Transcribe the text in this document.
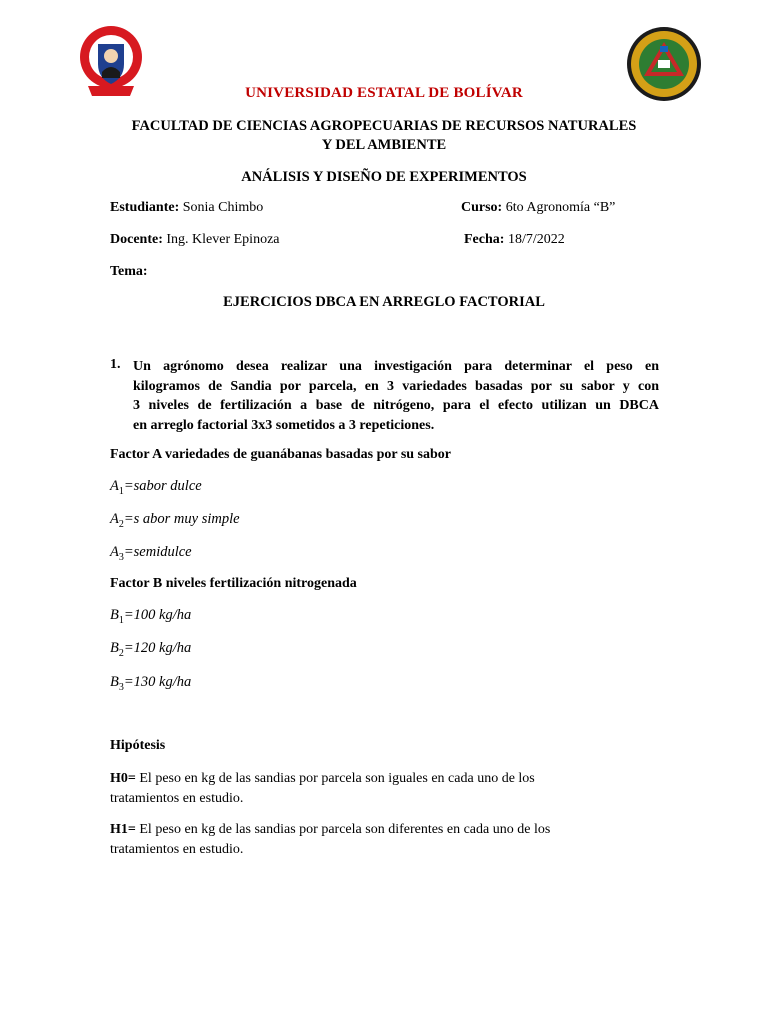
UNIVERSIDAD ESTATAL DE BOLÍVAR
FACULTAD DE CIENCIAS AGROPECUARIAS DE RECURSOS NATURALES
Y DEL AMBIENTE
ANÁLISIS Y DISEÑO DE EXPERIMENTOS
Estudiante: Sonia Chimbo	Curso: 6to Agronomía “B”
Docente: Ing. Klever Epinoza	Fecha: 18/7/2022
Tema:
EJERCICIOS DBCA EN ARREGLO FACTORIAL
1. Un agrónomo desea realizar una investigación para determinar el peso en
kilogramos de Sandia por parcela, en 3 variedades basadas por su sabor y con
3 niveles de fertilización a base de nitrógeno, para el efecto utilizan un DBCA
en arreglo factorial 3x3 sometidos a 3 repeticiones.
Factor A variedades de guanábanas basadas por su sabor
$A_1=sabor$ dulce
$A_2=s$ abor muy simple
$A_3=semidulce$
Factor B niveles fertilización nitrogenada
$B_1=100$ kg/ha
$B_2=120$ kg/ha
$B_3=130$ kg/ha
Hipótesis
H0= El peso en kg de las sandias por parcela son iguales en cada uno de los
tratamientos en estudio.
H1= El peso en kg de las sandias por parcela son diferentes en cada uno de los
tratamientos en estudio.
